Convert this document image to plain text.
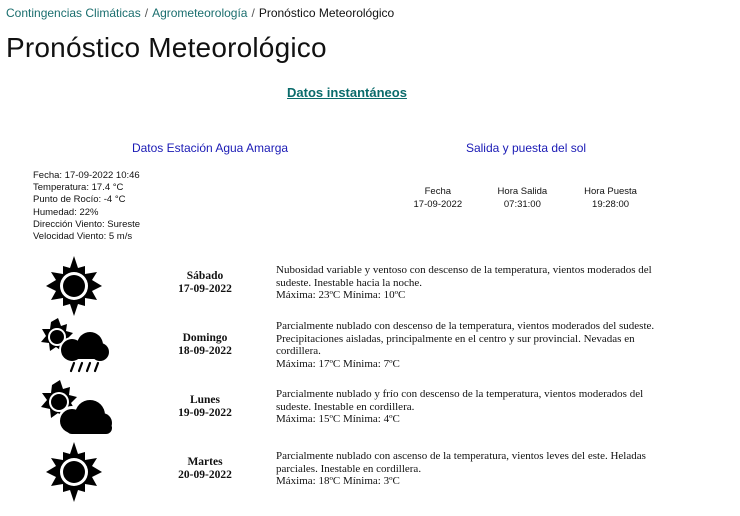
Contingencias Climáticas / Agrometeorología / Pronóstico Meteorológico
Pronóstico Meteorológico
Datos instantáneos
Datos Estación Agua Amarga	Salida y puesta del sol
Fecha: 17-09-2022 10:46
Temperatura: 17.4 °C
Punto de Rocío: -4 °C
Humedad: 22%
Dirección Viento: Sureste
Velocidad Viento: 5 m/s
Fecha	Hora Salida	Hora Puesta
17-09-2022	07:31:00	19:28:00
Sábado
17-09-2022
Nubosidad variable y ventoso con descenso de la temperatura, vientos moderados del sudeste. Inestable hacia la noche.
Máxima: 23ºC Mínima: 10ºC
Domingo
18-09-2022
Parcialmente nublado con descenso de la temperatura, vientos moderados del sudeste. Precipitaciones aisladas, principalmente en el centro y sur provincial. Nevadas en cordillera.
Máxima: 17ºC Mínima: 7ºC
Lunes
19-09-2022
Parcialmente nublado y frío con descenso de la temperatura, vientos moderados del sudeste. Inestable en cordillera.
Máxima: 15ºC Mínima: 4ºC
Martes
20-09-2022
Parcialmente nublado con ascenso de la temperatura, vientos leves del este. Heladas parciales. Inestable en cordillera.
Máxima: 18ºC Mínima: 3ºC
